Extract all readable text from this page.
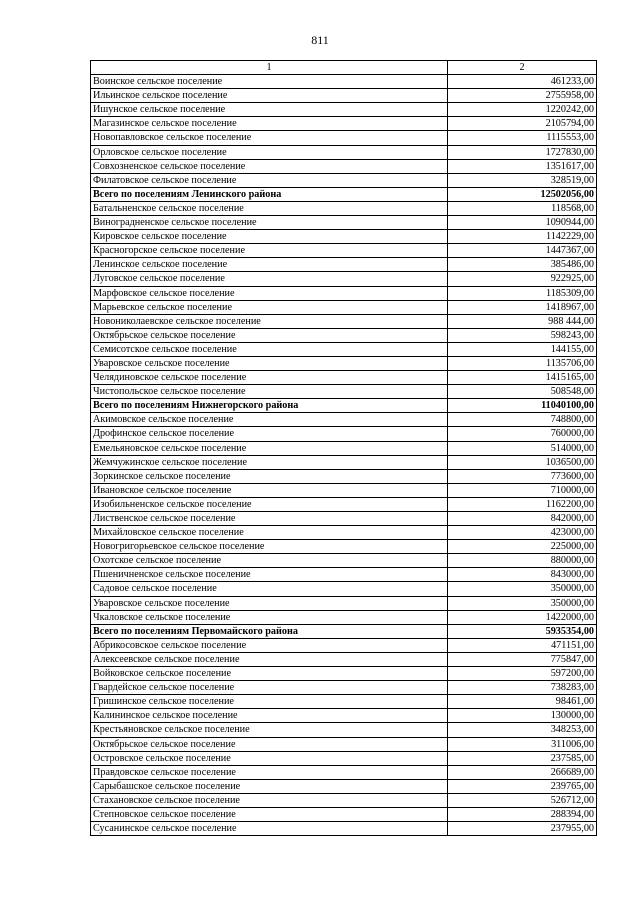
811
1	2
Воинское сельское поселение	461233,00
Ильинское сельское поселение	2755958,00
Ишунское сельское поселение	1220242,00
Магазинское сельское поселение	2105794,00
Новопавловское сельское поселение	1115553,00
Орловское сельское поселение	1727830,00
Совхозненское сельское поселение	1351617,00
Филатовское сельское поселение	328519,00
Всего по поселениям Ленинского района	12502056,00
Батальненское сельское поселение	118568,00
Виноградненское сельское поселение	1090944,00
Кировское сельское поселение	1142229,00
Красногорское сельское поселение	1447367,00
Ленинское сельское поселение	385486,00
Луговское сельское поселение	922925,00
Марфовское сельское поселение	1185309,00
Марьевское сельское поселение	1418967,00
Новониколаевское сельское поселение	988 444,00
Октябрьское сельское поселение	598243,00
Семисотское сельское поселение	144155,00
Уваровское сельское поселение	1135706,00
Челядиновское сельское поселение	1415165,00
Чистопольское сельское поселение	508548,00
Всего по поселениям Нижнегорского района	11040100,00
Акимовское сельское поселение	748800,00
Дрофинское сельское поселение	760000,00
Емельяновское сельское поселение	514000,00
Жемчужинское сельское поселение	1036500,00
Зоркинское сельское поселение	773600,00
Ивановское сельское поселение	710000,00
Изобильненское сельское поселение	1162200,00
Лиственское сельское поселение	842000,00
Михайловское сельское поселение	423000,00
Новогригорьевское сельское поселение	225000,00
Охотское сельское поселение	880000,00
Пшеничненское сельское поселение	843000,00
Садовое сельское поселение	350000,00
Уваровское сельское поселение	350000,00
Чкаловское сельское поселение	1422000,00
Всего по поселениям Первомайского района	5935354,00
Абрикосовское сельское поселение	471151,00
Алексеевское сельское поселение	775847,00
Войковское сельское поселение	597200,00
Гвардейское сельское поселение	738283,00
Гришинское сельское поселение	98461,00
Калининское сельское поселение	130000,00
Крестьяновское сельское поселение	348253,00
Октябрьское сельское поселение	311006,00
Островское сельское поселение	237585,00
Правдовское сельское поселение	266689,00
Сарыбашское сельское поселение	239765,00
Стахановское сельское поселение	526712,00
Степновское сельское поселение	288394,00
Сусанинское сельское поселение	237955,00
